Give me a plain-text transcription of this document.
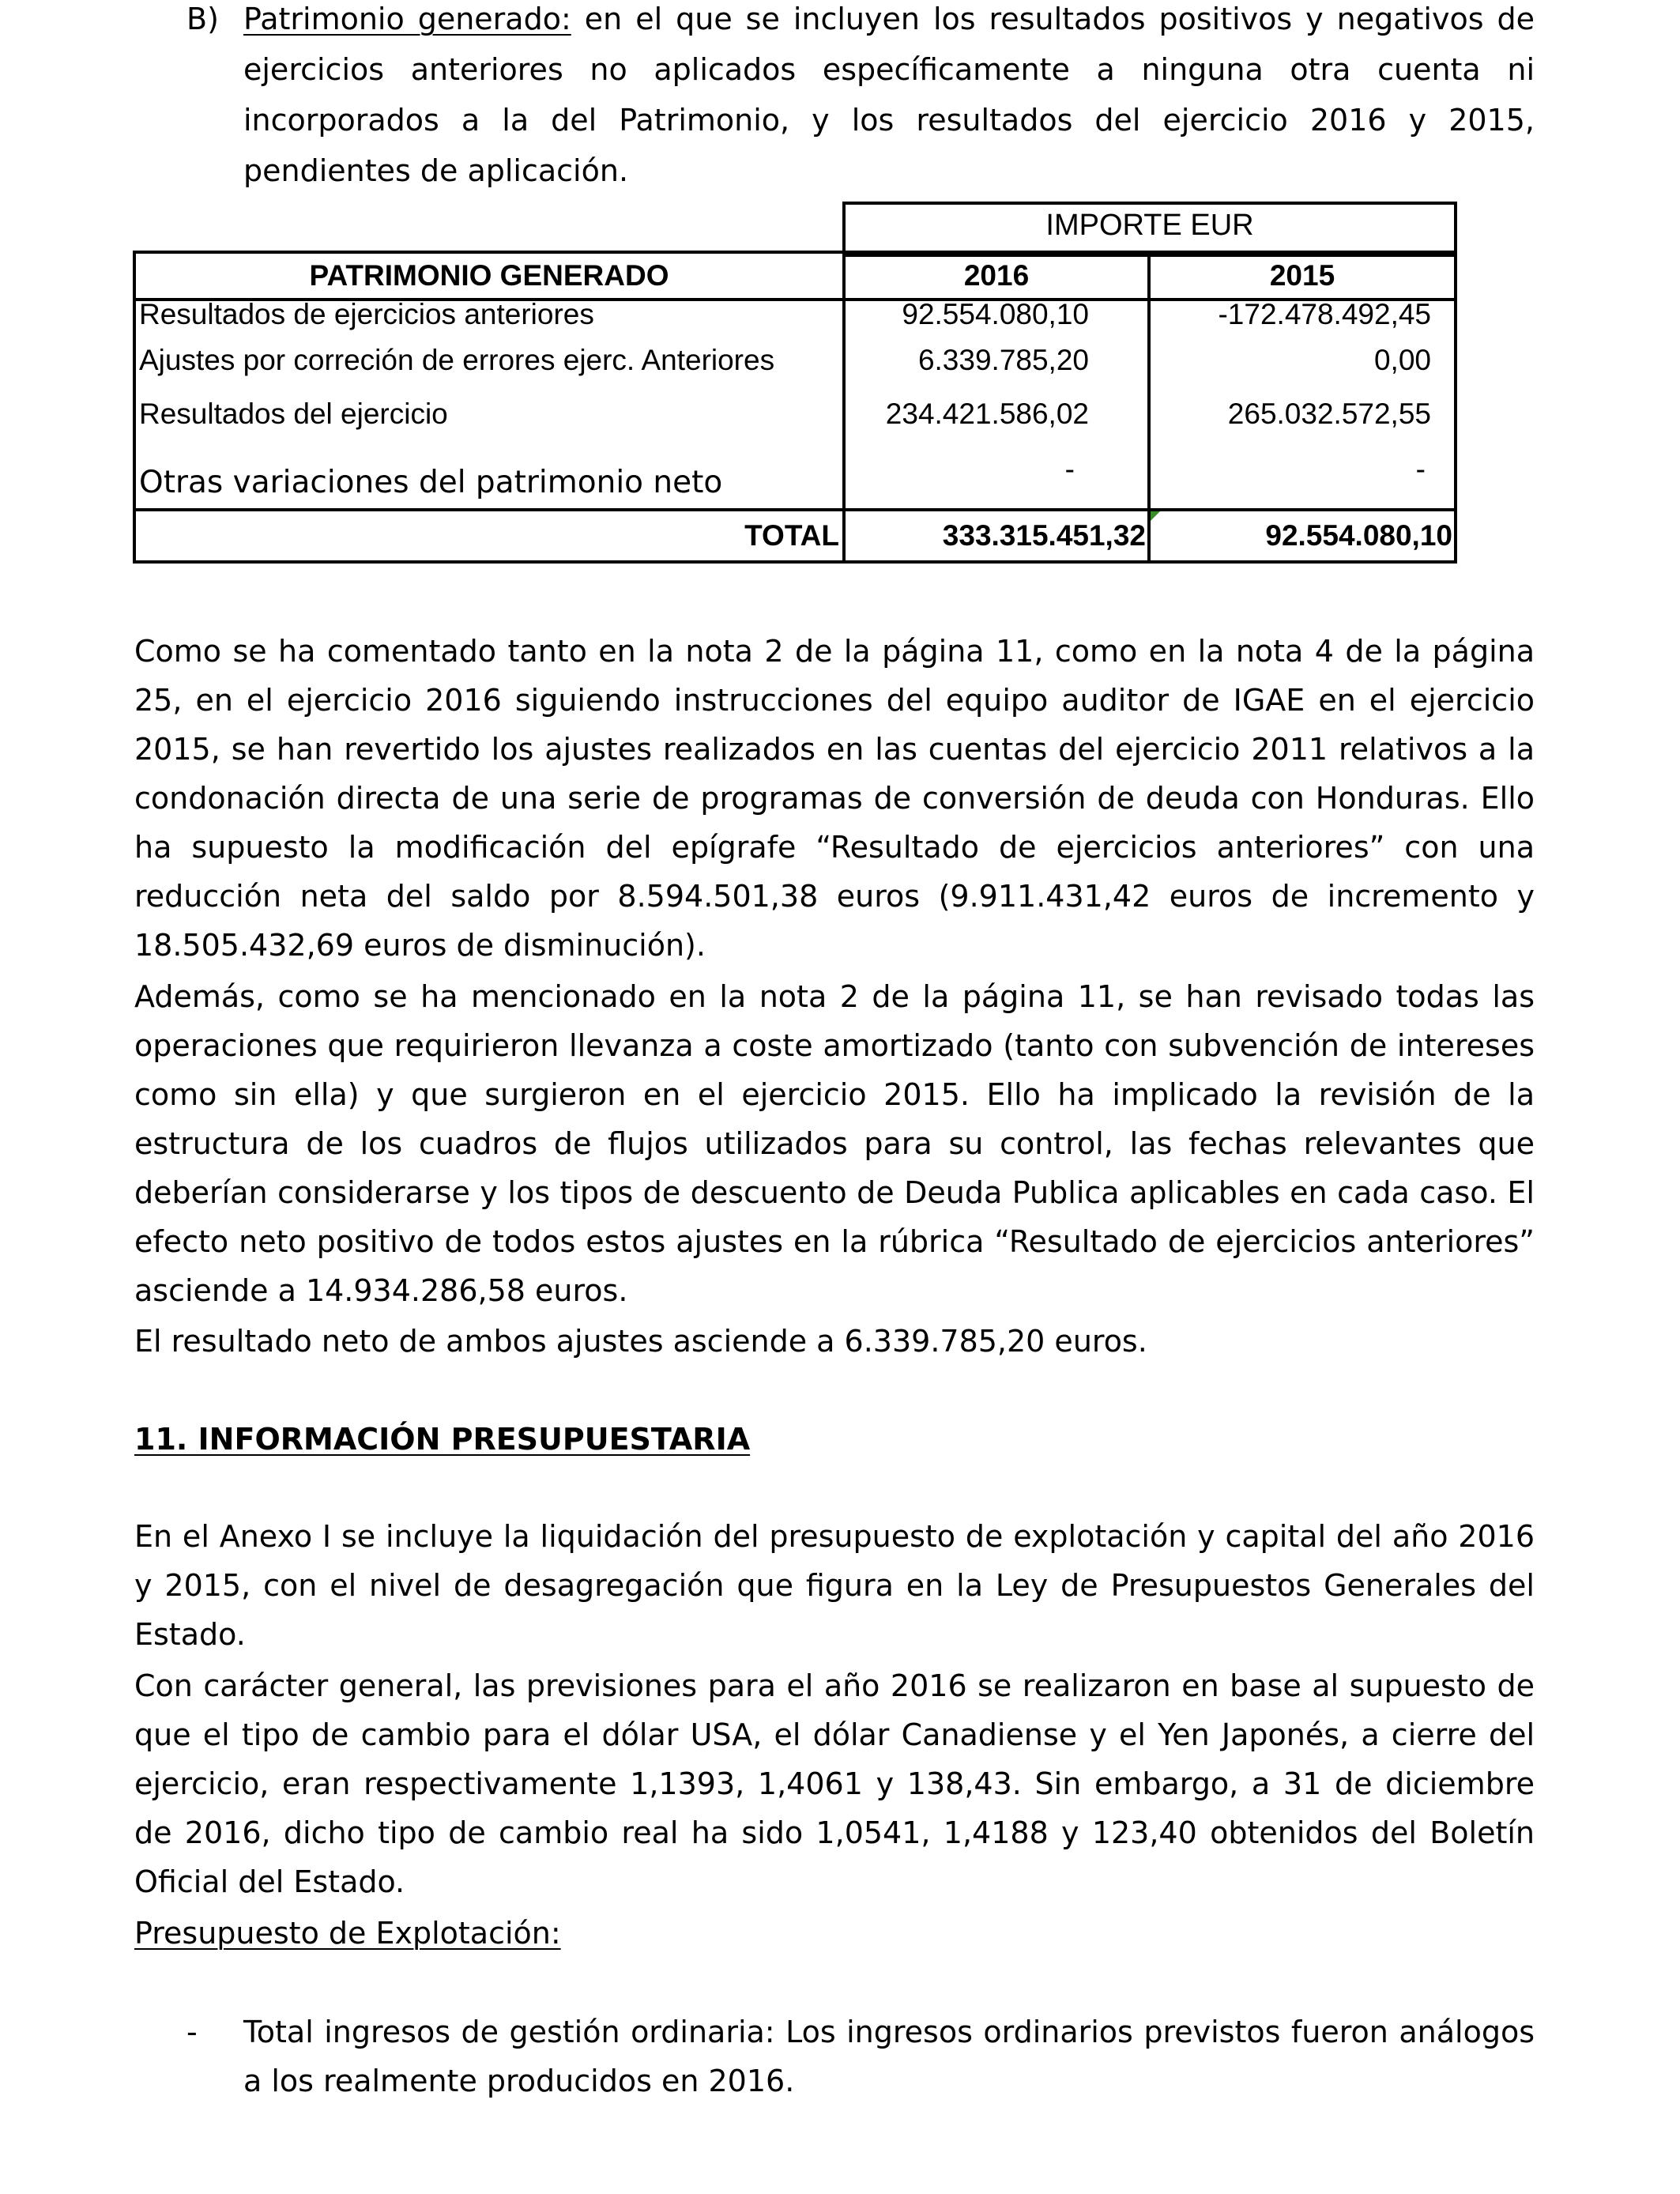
B) Patrimonio generado: en el que se incluyen los resultados positivos y negativos de ejercicios anteriores no aplicados específicamente a ninguna otra cuenta ni incorporados a la del Patrimonio, y los resultados del ejercicio 2016 y 2015, pendientes de aplicación.

IMPORTE EUR
PATRIMONIO GENERADO	2016	2015
Resultados de ejercicios anteriores	92.554.080,10	-172.478.492,45
Ajustes por correción de errores ejerc. Anteriores	6.339.785,20	0,00
Resultados del ejercicio	234.421.586,02	265.032.572,55
Otras variaciones del patrimonio neto	-	-
TOTAL	333.315.451,32	92.554.080,10

Como se ha comentado tanto en la nota 2 de la página 11, como en la nota 4 de la página 25, en el ejercicio 2016 siguiendo instrucciones del equipo auditor de IGAE en el ejercicio 2015, se han revertido los ajustes realizados en las cuentas del ejercicio 2011 relativos a la condonación directa de una serie de programas de conversión de deuda con Honduras. Ello ha supuesto la modificación del epígrafe “Resultado de ejercicios anteriores” con una reducción neta del saldo por 8.594.501,38 euros (9.911.431,42 euros de incremento y 18.505.432,69 euros de disminución).

Además, como se ha mencionado en la nota 2 de la página 11, se han revisado todas las operaciones que requirieron llevanza a coste amortizado (tanto con subvención de intereses como sin ella) y que surgieron en el ejercicio 2015. Ello ha implicado la revisión de la estructura de los cuadros de flujos utilizados para su control, las fechas relevantes que deberían considerarse y los tipos de descuento de Deuda Publica aplicables en cada caso. El efecto neto positivo de todos estos ajustes en la rúbrica “Resultado de ejercicios anteriores” asciende a 14.934.286,58 euros.

El resultado neto de ambos ajustes asciende a 6.339.785,20 euros.

11. INFORMACIÓN PRESUPUESTARIA

En el Anexo I se incluye la liquidación del presupuesto de explotación y capital del año 2016 y 2015, con el nivel de desagregación que figura en la Ley de Presupuestos Generales del Estado.

Con carácter general, las previsiones para el año 2016 se realizaron en base al supuesto de que el tipo de cambio para el dólar USA, el dólar Canadiense y el Yen Japonés, a cierre del ejercicio, eran respectivamente 1,1393, 1,4061 y 138,43. Sin embargo, a 31 de diciembre de 2016, dicho tipo de cambio real ha sido 1,0541, 1,4188 y 123,40 obtenidos del Boletín Oficial del Estado.

Presupuesto de Explotación:

- Total ingresos de gestión ordinaria: Los ingresos ordinarios previstos fueron análogos a los realmente producidos en 2016.
